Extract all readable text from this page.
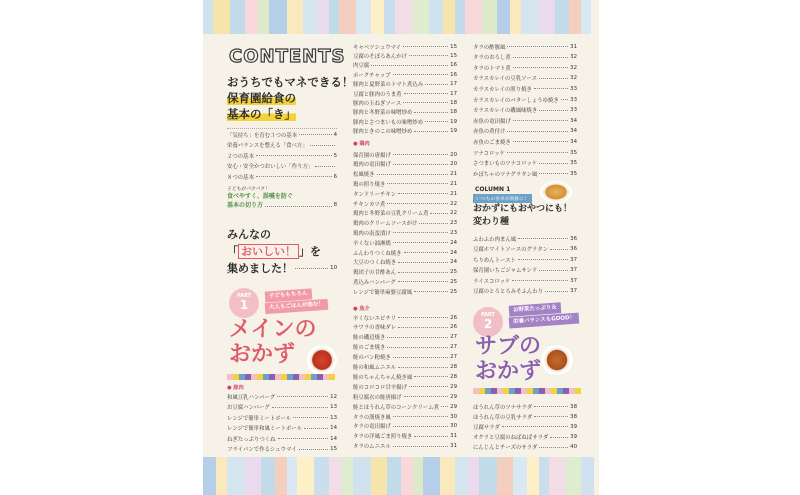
CONTENTS
おうちでもマネできる！
保育園給食の
基本の「き」
子どもがパクパク！
食べやすく、誤嚥を防ぐ
基本の切り方	8
みんなの
「 おいしい！ 」を
集めました！	10
PART
1
子どももちろん
大人もごはんが進む！
メインの
おかず
● 豚肉
● 鶏肉
● 魚介
COLUMN 1
いつもの食卓が新鮮に！
おかずにもおやつにも！
変わり種
PART
2
お野菜たっぷり＆
栄養バランスもGOOD！
サブの
おかず
「気持ち」を育む３つの基本	4
栄養バランスを整える「食べ方」
２つの基本	5
安心・安全かつおいしい「作り方」
８つの基本	6
和風豆乳ハンバーグ	12
お豆腐ハンバーグ	13
レンジで簡単ミートボール	13
レンジで簡単和風ミートボール	14
ねぎたっぷりつくね	14
フライパンで作るシュウマイ	15
キャベツシュウマイ	15
豆腐のそぼろあんかけ	15
肉豆腐	16
ポークチャップ	16
豚肉と夏野菜のトマト煮込み	17
豆腐と豚肉のうま煮	17
豚肉の玉ねぎソース	18
豚肉と冬野菜の味噌炒め	18
豚肉とさつまいもの味噌炒め	19
豚肉ときのこの味噌炒め	19
保育園の唐揚げ	20
鶏肉の竜田揚げ	20
松風焼き	21
鶏の照り焼き	21
タンドリーチキン	21
チキンカツ煮	22
鶏肉と冬野菜の豆乳クリーム煮	22
鶏肉のクリームソースがけ	23
鶏肉の南蛮漬け	23
辛くない油淋鶏	24
ふんわりつくね焼き	24
大豆のつくね焼き	24
鶏団子の甘酢あん	25
煮込みハンバーグ	25
レンジで簡単麻婆豆腐風	25
辛くないエビチリ	26
サワラの香味ダレ	26
鮭の磯辺焼き	27
鮭のごま焼き	27
鮭のパン粉焼き	27
鮭の和風ムニエル	28
鮭のちゃんちゃん焼き風	28
鮭のコロコロ甘辛揚げ	29
粉豆腐衣の鮭唐揚げ	29
鮭とほうれん草のコーンクリーム煮 29
タラの漢焼き風	30
タラの竜田揚げ	30
タラの洋風ごま照り焼き	31
タラのムニエル	31
タラの酢豚風	31
タラのおろし煮	32
タラのトマト煮	32
カラスカレイの豆乳ソース	32
カラスカレイの照り焼き	33
カラスカレイのバターしょうゆ焼き 33
カラスカレイの磯風味焼き	33
赤魚の竜田揚げ	34
赤魚の煮付け	34
赤魚のごま焼き	34
ツナコロッケ	35
さつまいものツナコロッケ	35
かぼちゃのツナグラタン風	35
ふわふわ肉まん風	36
豆腐ホワイトソースのグラタン	36
ちりめんトースト	37
保育園いちごジャムサンド	37
ライスコロッケ	37
豆腐のとろとろみそふんわり	37
ほうれん草のツナサラダ	38
ほうれん草の豆乳サラダ	38
豆腐サラダ	39
オクラと豆腐のねばねばサラダ	39
にんじんとチーズのサラダ	40
